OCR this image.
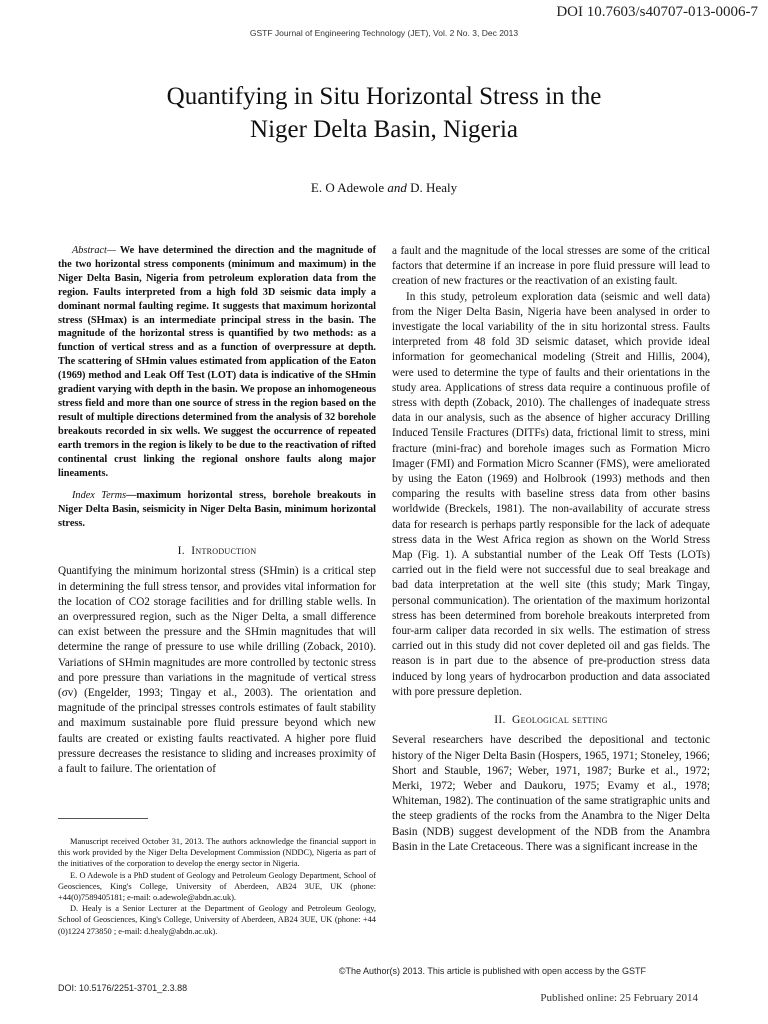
DOI 10.7603/s40707-013-0006-7
GSTF Journal of Engineering Technology (JET), Vol. 2 No. 3, Dec 2013
Quantifying in Situ Horizontal Stress in the
Niger Delta Basin, Nigeria
E. O Adewole and D. Healy

Abstract— We have determined the direction and the magnitude of the two horizontal stress components (minimum and maximum) in the Niger Delta Basin, Nigeria from petroleum exploration data from the region. Faults interpreted from a high fold 3D seismic data imply a dominant normal faulting regime. It suggests that maximum horizontal stress (SHmax) is an intermediate principal stress in the basin. The magnitude of the horizontal stress is quantified by two methods: as a function of vertical stress and as a function of overpressure at depth. The scattering of SHmin values estimated from application of the Eaton (1969) method and Leak Off Test (LOT) data is indicative of the SHmin gradient varying with depth in the basin. We propose an inhomogeneous stress field and more than one source of stress in the region based on the result of multiple directions determined from the analysis of 32 borehole breakouts recorded in six wells. We suggest the occurrence of repeated earth tremors in the region is likely to be due to the reactivation of rifted continental crust linking the regional onshore faults along major lineaments.

Index Terms—maximum horizontal stress, borehole breakouts in Niger Delta Basin, seismicity in Niger Delta Basin, minimum horizontal stress.

I. Introduction

Quantifying the minimum horizontal stress (SHmin) is a critical step in determining the full stress tensor, and provides vital information for the location of CO2 storage facilities and for drilling stable wells. In an overpressured region, such as the Niger Delta, a small difference can exist between the pressure and the SHmin magnitudes that will determine the range of pressure to use while drilling (Zoback, 2010). Variations of SHmin magnitudes are more controlled by tectonic stress and pore pressure than variations in the magnitude of vertical stress (σv) (Engelder, 1993; Tingay et al., 2003). The orientation and magnitude of the principal stresses controls estimates of fault stability and maximum sustainable pore fluid pressure beyond which new faults are created or existing faults reactivated. A higher pore fluid pressure decreases the resistance to sliding and increases proximity of a fault to failure. The orientation of

Manuscript received October 31, 2013. The authors acknowledge the financial support in this work provided by the Niger Delta Development Commission (NDDC), Nigeria as part of the initiatives of the corporation to develop the energy sector in Nigeria.

E. O Adewole is a PhD student of Geology and Petroleum Geology Department, School of Geosciences, King's College, University of Aberdeen, AB24 3UE, UK (phone: +44(0)7589405181; e-mail: o.adewole@abdn.ac.uk).

D. Healy is a Senior Lecturer at the Department of Geology and Petroleum Geology, School of Geosciences, King's College, University of Aberdeen, AB24 3UE, UK (phone: +44 (0)1224 273850 ; e-mail: d.healy@abdn.ac.uk).

a fault and the magnitude of the local stresses are some of the critical factors that determine if an increase in pore fluid pressure will lead to creation of new fractures or the reactivation of an existing fault.

In this study, petroleum exploration data (seismic and well data) from the Niger Delta Basin, Nigeria have been analysed in order to investigate the local variability of the in situ horizontal stress. Faults interpreted from 48 fold 3D seismic dataset, which provide ideal information for geomechanical modeling (Streit and Hillis, 2004), were used to determine the type of faults and their orientations in the study area. Applications of stress data require a continuous profile of stress with depth (Zoback, 2010). The challenges of inadequate stress data in our analysis, such as the absence of higher accuracy Drilling Induced Tensile Fractures (DITFs) data, frictional limit to stress, mini fracture (mini-frac) and borehole images such as Formation Micro Imager (FMI) and Formation Micro Scanner (FMS), were ameliorated by using the Eaton (1969) and Holbrook (1993) methods and then comparing the results with baseline stress data from other basins worldwide (Breckels, 1981). The non-availability of accurate stress data for research is perhaps partly responsible for the lack of adequate stress data in the West Africa region as shown on the World Stress Map (Fig. 1). A substantial number of the Leak Off Tests (LOTs) carried out in the field were not successful due to seal breakage and bad data interpretation at the well site (this study; Mark Tingay, personal communication). The orientation of the maximum horizontal stress has been determined from borehole breakouts interpreted from four-arm caliper data recorded in six wells. The estimation of stress carried out in this study did not cover depleted oil and gas fields. The reason is in part due to the absence of pre-production stress data induced by long years of hydrocarbon production and data associated with pore pressure depletion.

II. Geological setting

Several researchers have described the depositional and tectonic history of the Niger Delta Basin (Hospers, 1965, 1971; Stoneley, 1966; Short and Stauble, 1967; Weber, 1971, 1987; Burke et al., 1972; Merki, 1972; Weber and Daukoru, 1975; Evamy et al., 1978; Whiteman, 1982). The continuation of the same stratigraphic units and the steep gradients of the rocks from the Anambra to the Niger Delta Basin (NDB) suggest development of the NDB from the Anambra Basin in the Late Cretaceous. There was a significant increase in the

©The Author(s) 2013. This article is published with open access by the GSTF
DOI: 10.5176/2251-3701_2.3.88
Published online: 25 February 2014
